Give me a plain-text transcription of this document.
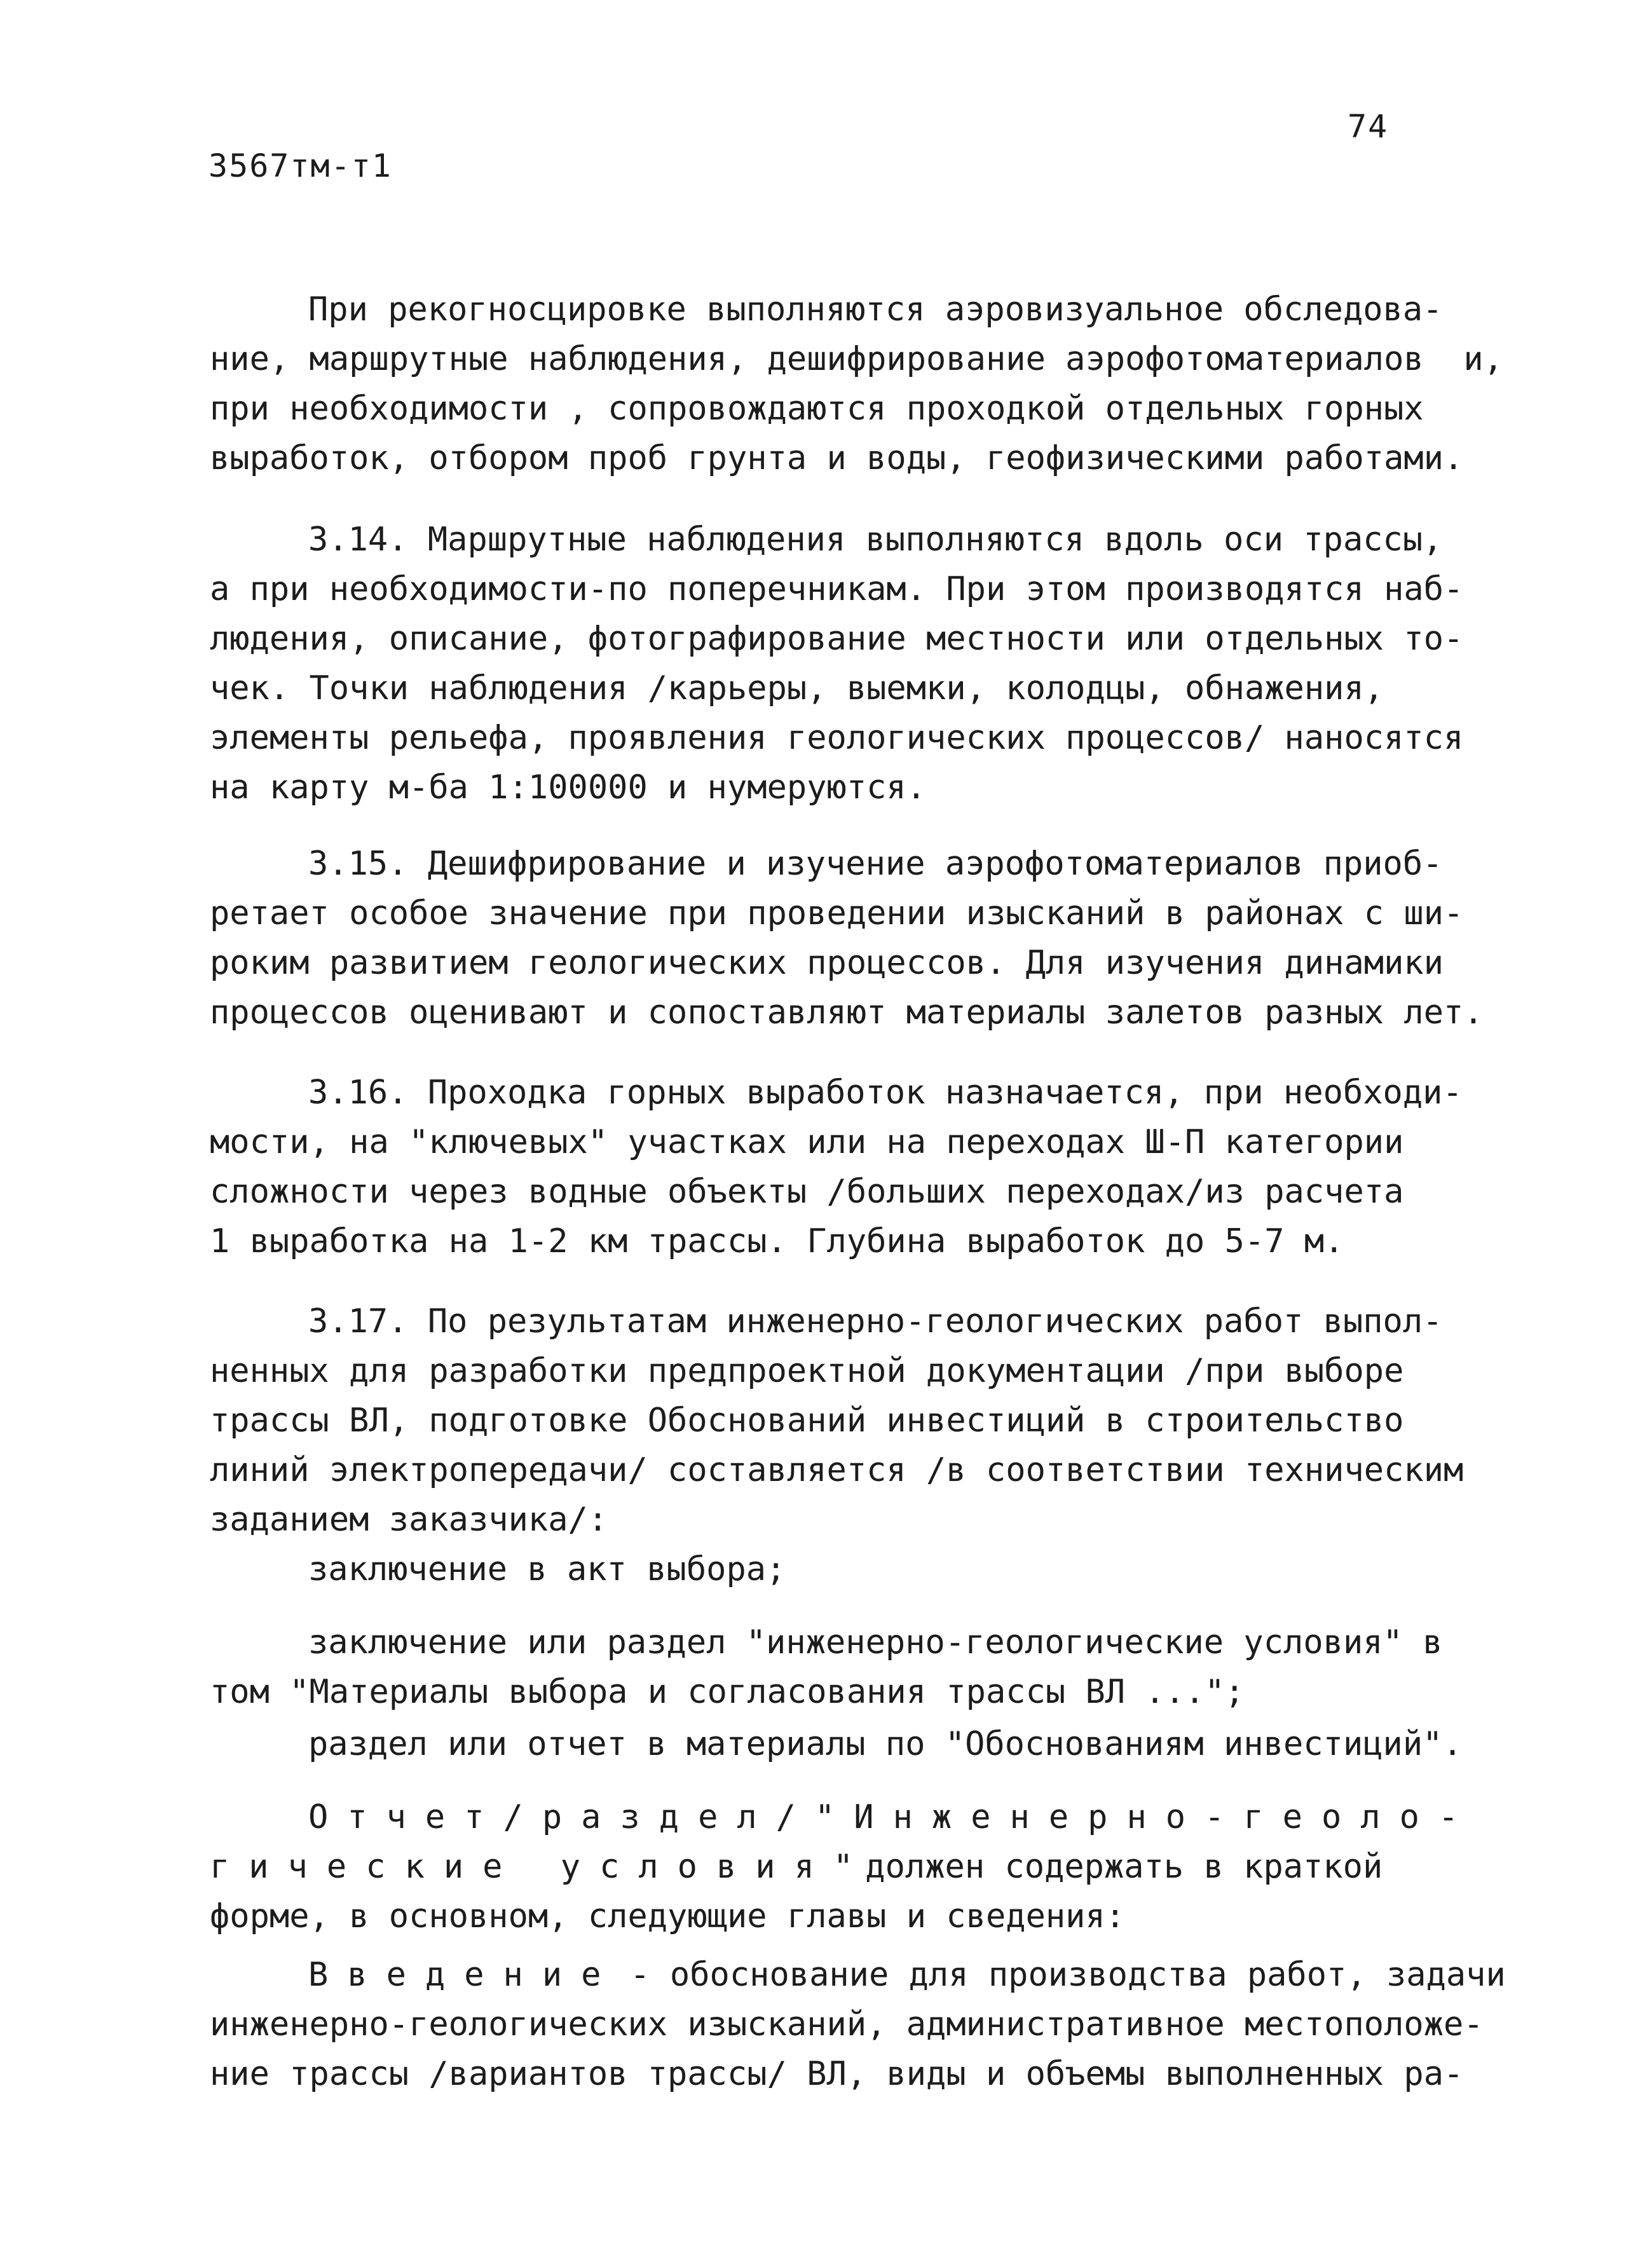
74
3567тм-т1
При рекогносцировке выполняются аэровизуальное обследова-
ние, маршрутные наблюдения, дешифрирование аэрофотоматериалов  и,
при необходимости , сопровождаются проходкой отдельных горных
выработок, отбором проб грунта и воды, геофизическими работами.
3.14. Маршрутные наблюдения выполняются вдоль оси трассы,
а при необходимости-по поперечникам. При этом производятся наб-
людения, описание, фотографирование местности или отдельных то-
чек. Точки наблюдения /карьеры, выемки, колодцы, обнажения,
элементы рельефа, проявления геологических процессов/ наносятся
на карту м-ба 1:100000 и нумеруются.
3.15. Дешифрирование и изучение аэрофотоматериалов приоб-
ретает особое значение при проведении изысканий в районах с ши-
роким развитием геологических процессов. Для изучения динамики
процессов оценивают и сопоставляют материалы залетов разных лет.
3.16. Проходка горных выработок назначается, при необходи-
мости, на "ключевых" участках или на переходах Ш-П категории
сложности через водные объекты /больших переходах/из расчета
1 выработка на 1-2 км трассы. Глубина выработок до 5-7 м.
3.17. По результатам инженерно-геологических работ выпол-
ненных для разработки предпроектной документации /при выборе
трассы ВЛ, подготовке Обоснований инвестиций в строительство
линий электропередачи/ составляется /в соответствии техническим
заданием заказчика/:
заключение в акт выбора;
заключение или раздел "инженерно-геологические условия" в
том "Материалы выбора и согласования трассы ВЛ ...";
раздел или отчет в материалы по "Обоснованиям инвестиций".
Отчет/раздел/"Инженерно-геоло-
гические условия"
должен содержать в краткой
форме, в основном, следующие главы и сведения:
Введение
- обоснование для производства работ, задачи
инженерно-геологических изысканий, административное местоположе-
ние трассы /вариантов трассы/ ВЛ, виды и объемы выполненных ра-
